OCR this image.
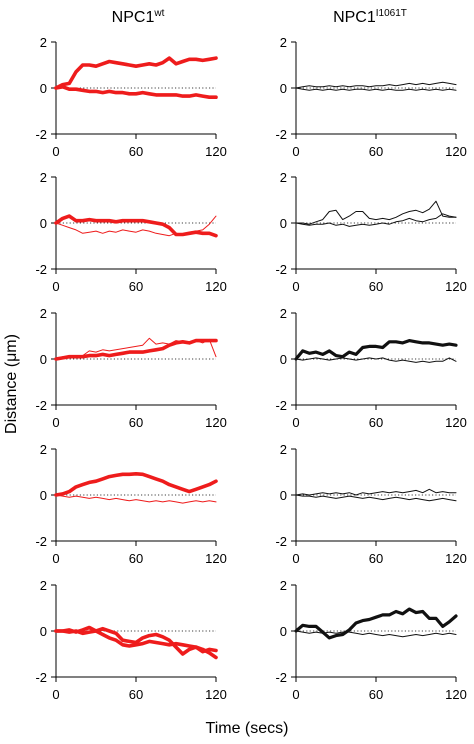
$NPC1^{wt}$	$NPC1^{I1061T}$
Distance (μm)
Time (secs)
-2
0
2
0	60	120
-2
0
2
0	60	120
-2
0
2
0	60	120
-2
0
2
0	60	120
-2
0
2
0	60	120
-2
0
2
0	60	120
-2
0
2
0	60	120
-2
0
2
0	60	120
-2
0
2
0	60	120
-2
0
2
0	60	120
